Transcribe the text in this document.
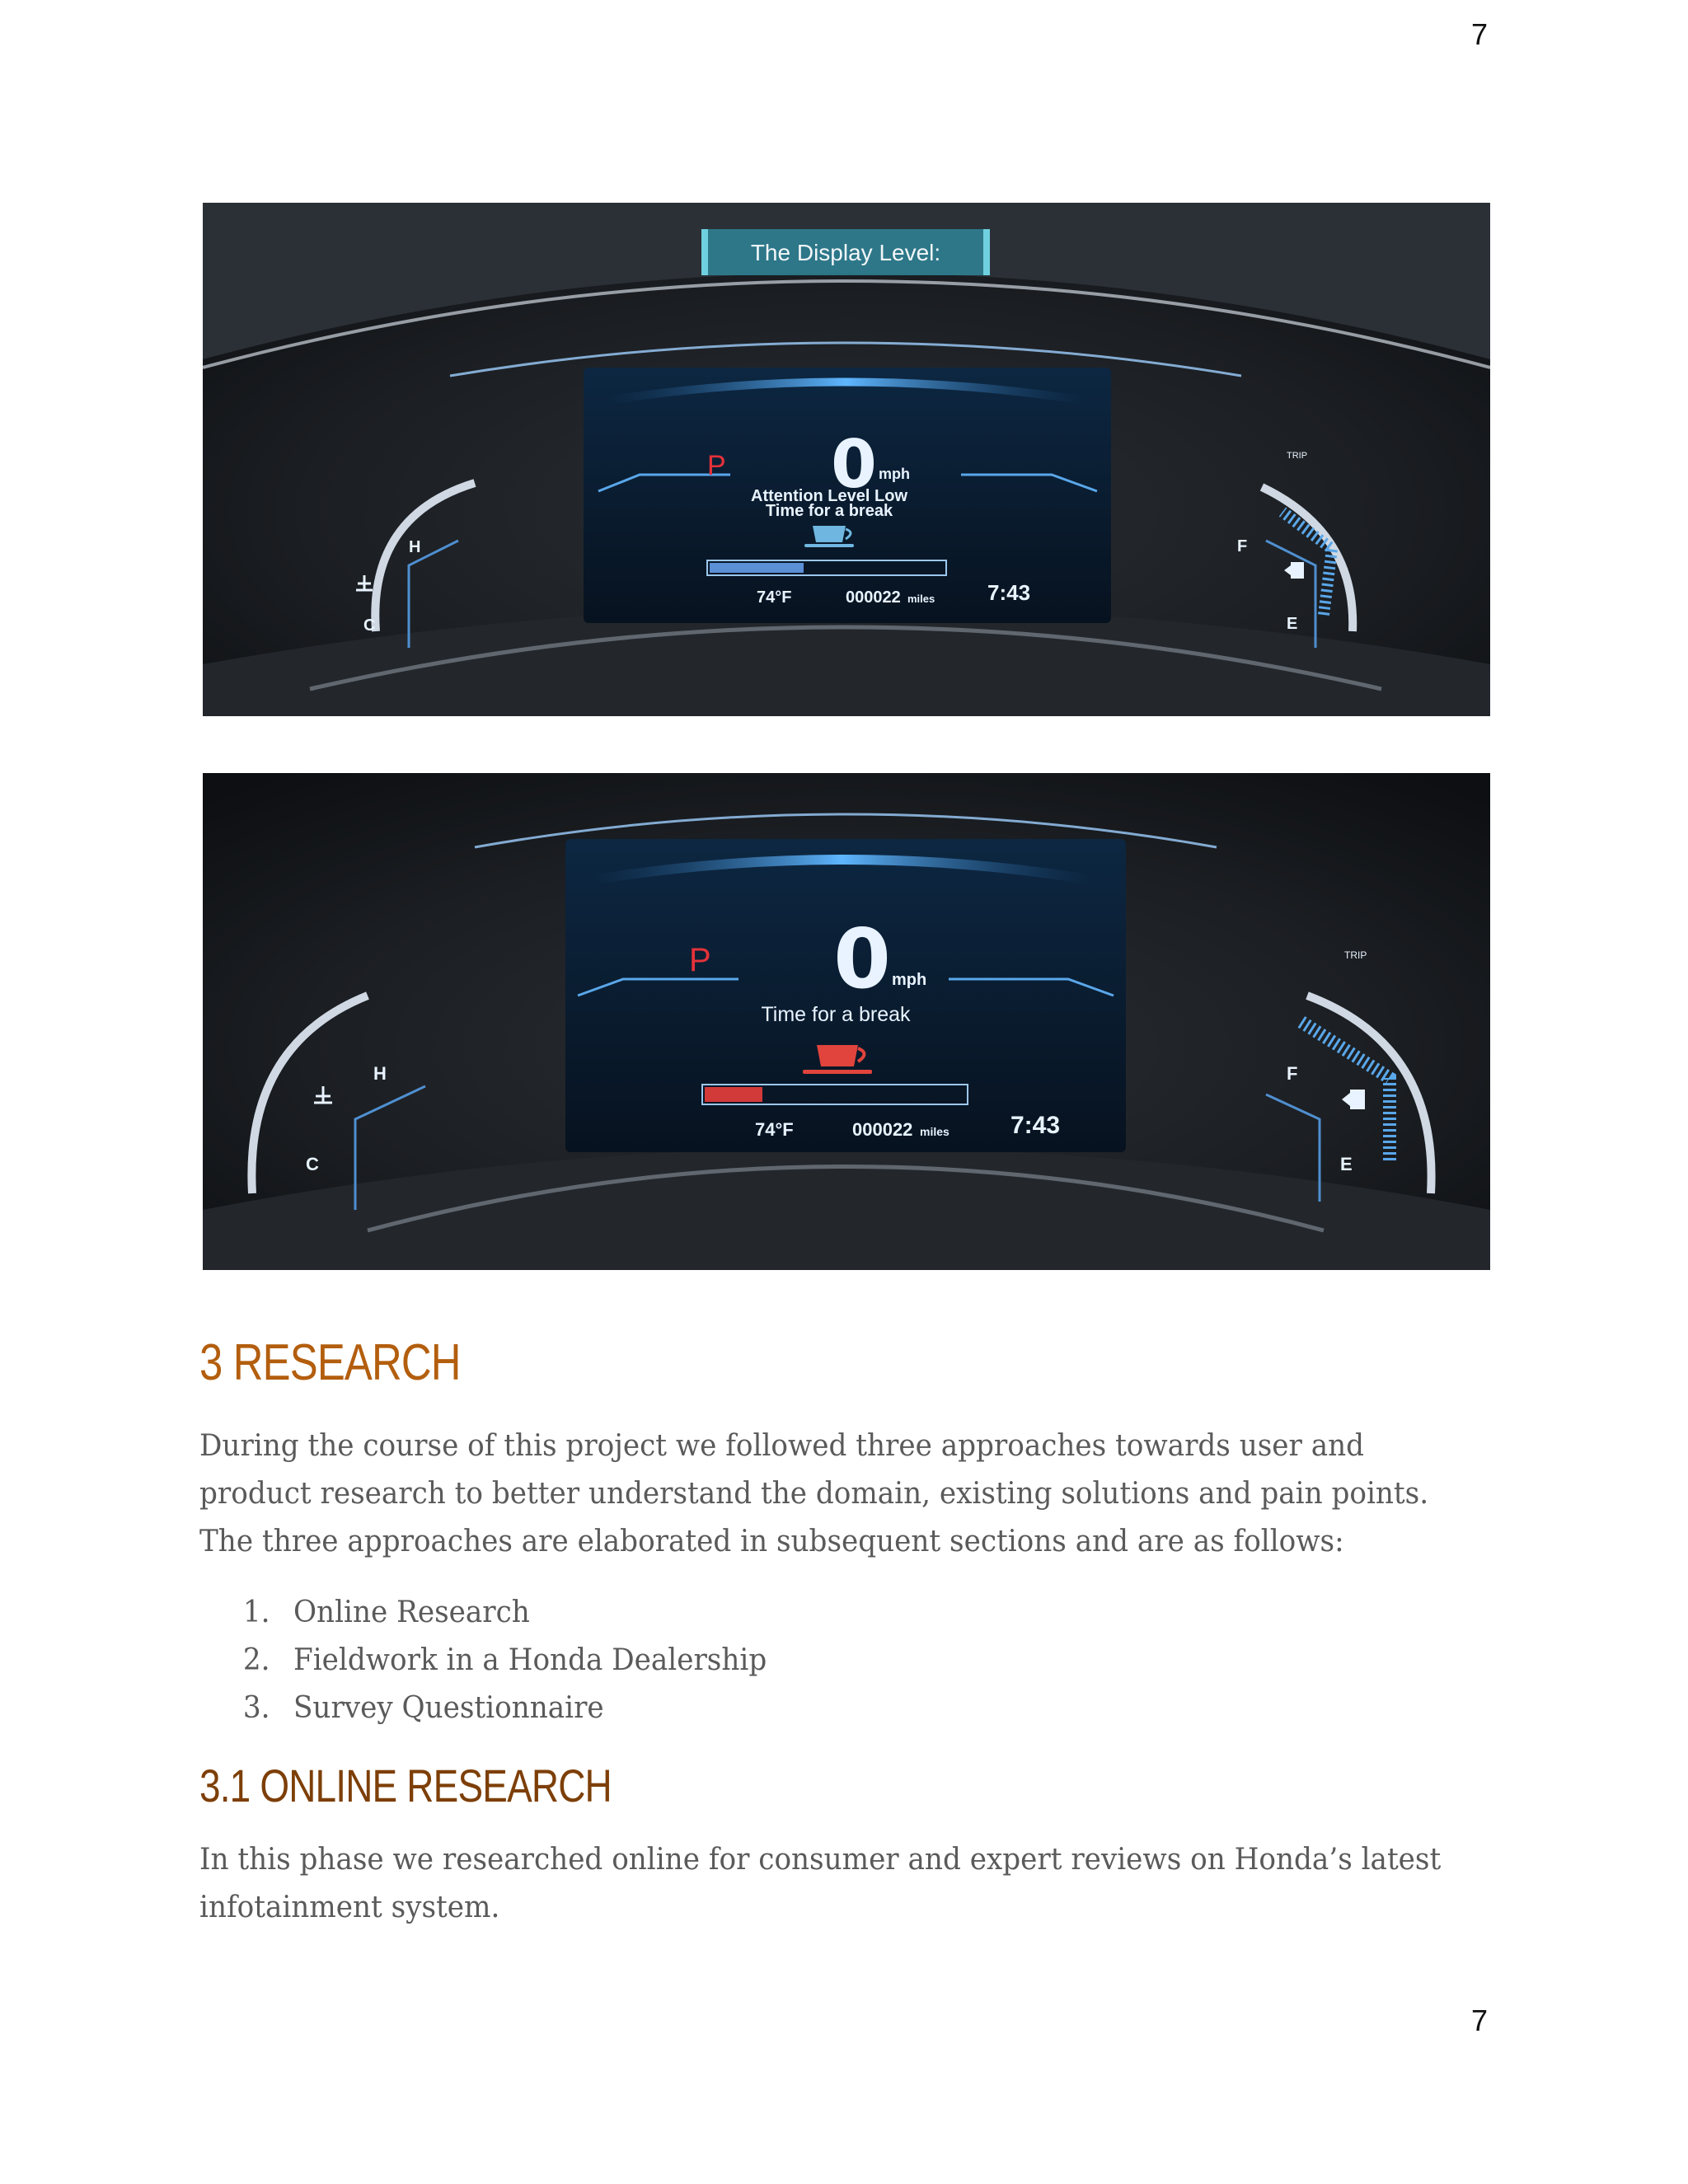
7
The Display Level:
P 0 mph
Attention Level Low
Time for a break
74°F	000022 miles 7:43
H
C
F
E
TRIP
P 0 mph
Time for a break
74°F	000022 miles 7:43
H
C
F
E
TRIP
3 RESEARCH

During the course of this project we followed three approaches towards user and
product research to better understand the domain, existing solutions and pain points.
The three approaches are elaborated in subsequent sections and are as follows:

1. Online Research
2. Fieldwork in a Honda Dealership
3. Survey Questionnaire
3.1 ONLINE RESEARCH

In this phase we researched online for consumer and expert reviews on Honda’s latest
infotainment system.

7
